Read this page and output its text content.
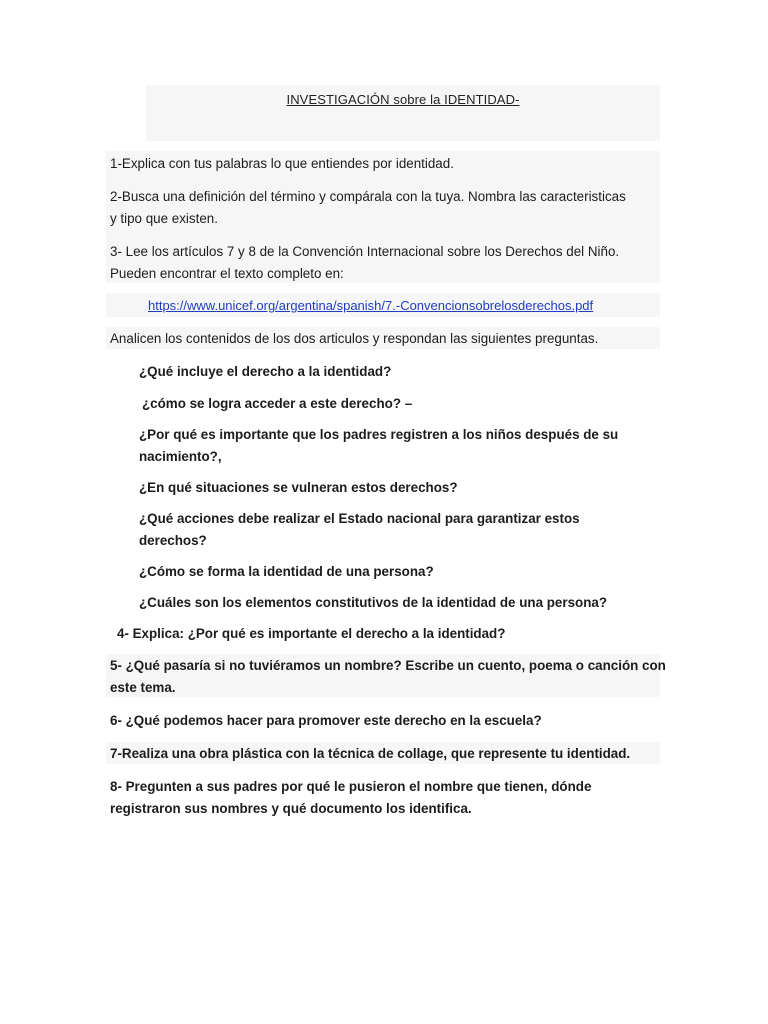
INVESTIGACIÓN sobre la IDENTIDAD-
1-Explica con tus palabras lo que entiendes por identidad.
2-Busca una definición del término y compárala con la tuya. Nombra las caracteristicas
y tipo que existen.
3- Lee los artículos 7 y 8 de la Convención Internacional sobre los Derechos del Niño.
Pueden encontrar el texto completo en:
https://www.unicef.org/argentina/spanish/7.-Convencionsobrelosderechos.pdf
Analicen los contenidos de los dos articulos y respondan las siguientes preguntas.
¿Qué incluye el derecho a la identidad?
¿cómo se logra acceder a este derecho? –
¿Por qué es importante que los padres registren a los niños después de su
nacimiento?,
¿En qué situaciones se vulneran estos derechos?
¿Qué acciones debe realizar el Estado nacional para garantizar estos
derechos?
¿Cómo se forma la identidad de una persona?
¿Cuáles son los elementos constitutivos de la identidad de una persona?
4- Explica: ¿Por qué es importante el derecho a la identidad?
5- ¿Qué pasaría si no tuviéramos un nombre? Escribe un cuento, poema o canción con
este tema.
6- ¿Qué podemos hacer para promover este derecho en la escuela?
7-Realiza una obra plástica con la técnica de collage, que represente tu identidad.
8- Pregunten a sus padres por qué le pusieron el nombre que tienen, dónde
registraron sus nombres y qué documento los identifica.
